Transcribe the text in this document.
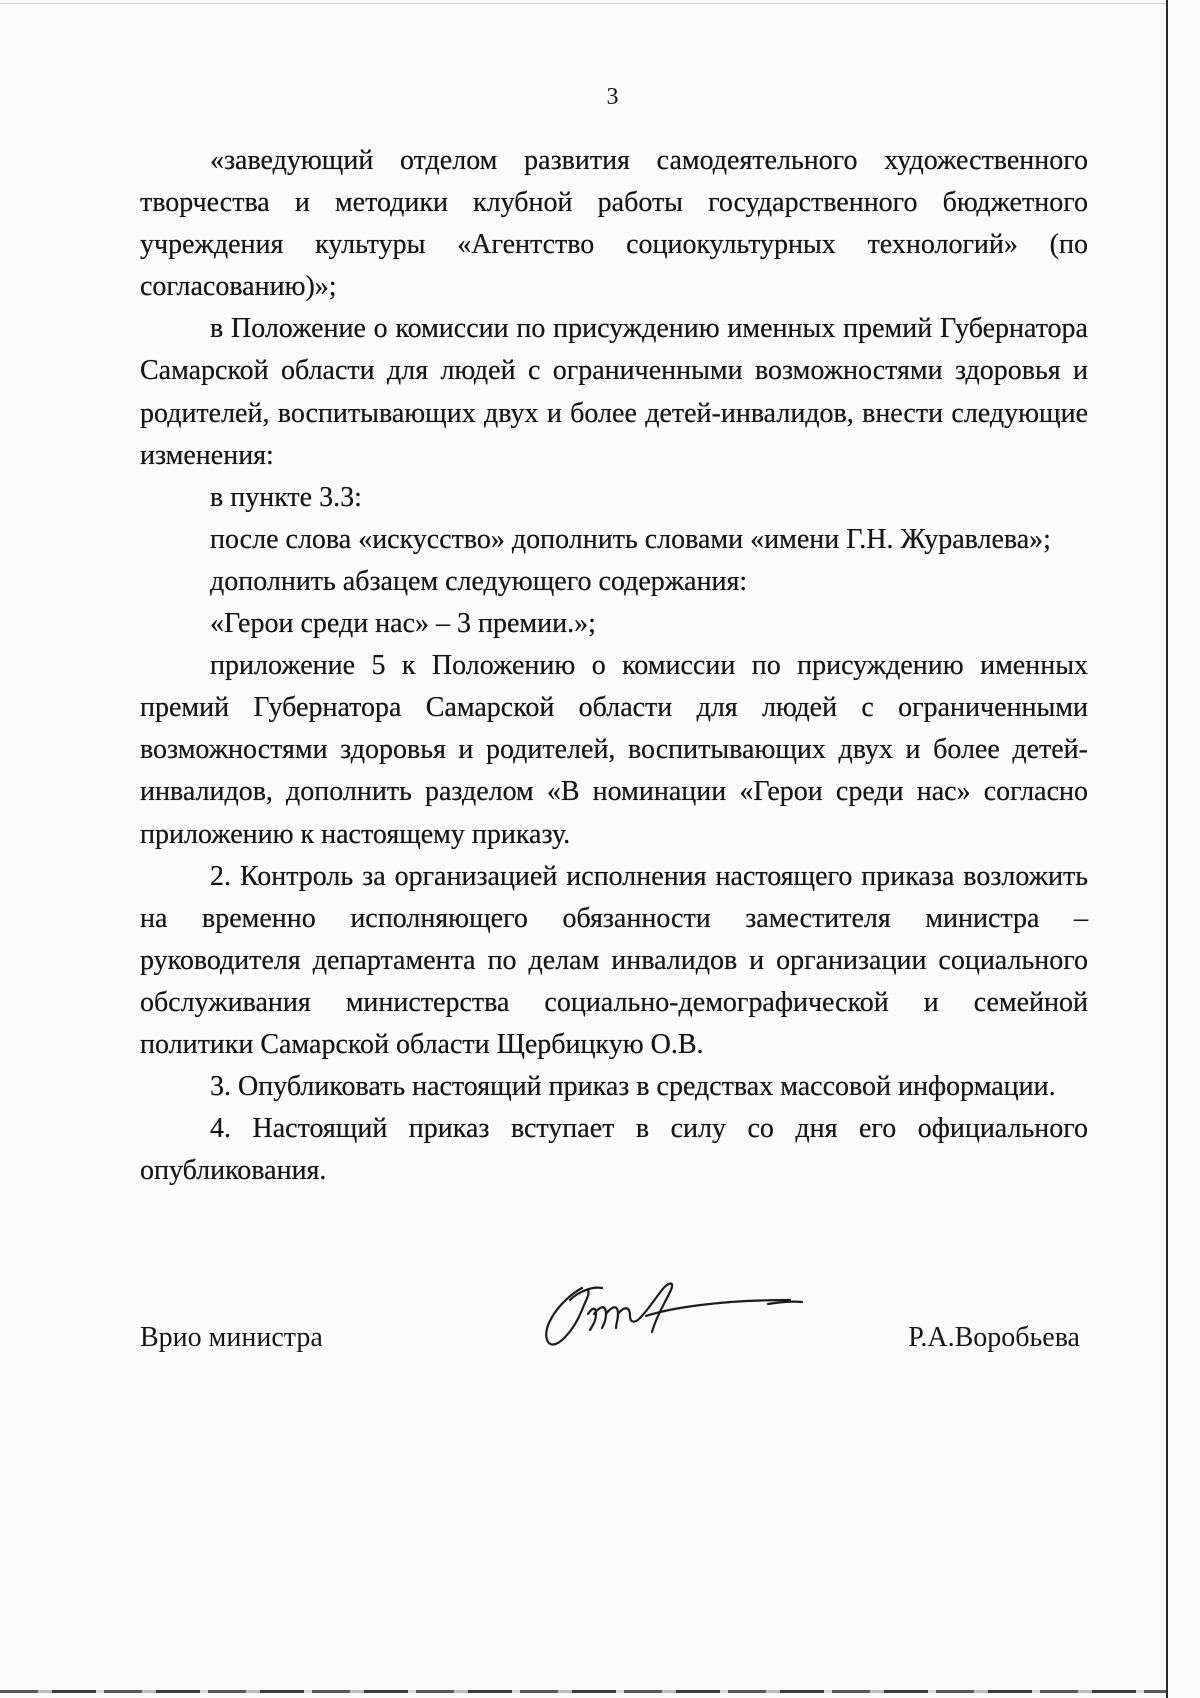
3

«заведующий отделом развития самодеятельного художественного творчества и методики клубной работы государственного бюджетного учреждения культуры «Агентство социокультурных технологий» (по согласованию)»;

в Положение о комиссии по присуждению именных премий Губернатора Самарской области для людей с ограниченными возможностями здоровья и родителей, воспитывающих двух и более детей-инвалидов, внести следующие изменения:

в пункте 3.3:

после слова «искусство» дополнить словами «имени Г.Н. Журавлева»;

дополнить абзацем следующего содержания:

«Герои среди нас» – 3 премии.»;

приложение 5 к Положению о комиссии по присуждению именных премий Губернатора Самарской области для людей с ограниченными возможностями здоровья и родителей, воспитывающих двух и более детей-инвалидов, дополнить разделом «В номинации «Герои среди нас» согласно приложению к настоящему приказу.

2. Контроль за организацией исполнения настоящего приказа возложить на временно исполняющего обязанности заместителя министра – руководителя департамента по делам инвалидов и организации социального обслуживания министерства социально-демографической и семейной политики Самарской области Щербицкую О.В.

3. Опубликовать настоящий приказ в средствах массовой информации.

4. Настоящий приказ вступает в силу со дня его официального опубликования.

Врио министра	Р.А.Воробьева
